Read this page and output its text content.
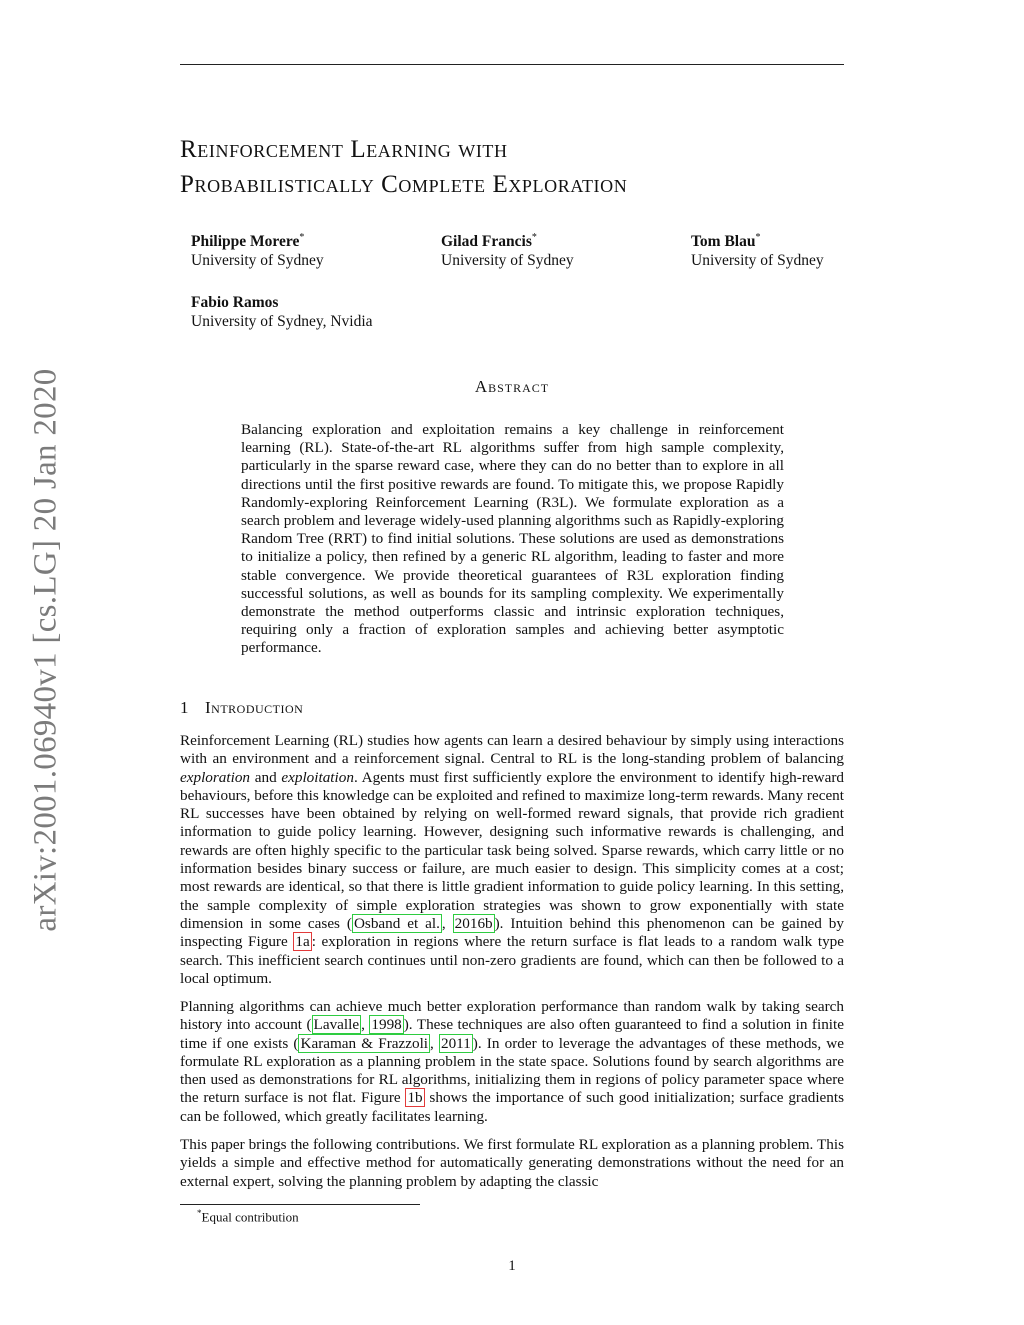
Reinforcement Learning with
Probabilistically Complete Exploration
Philippe Morere*
University of Sydney
Gilad Francis*
University of Sydney
Tom Blau*
University of Sydney
Fabio Ramos
University of Sydney, Nvidia
Abstract

Balancing exploration and exploitation remains a key challenge in reinforcement learning (RL). State-of-the-art RL algorithms suffer from high sample complexity, particularly in the sparse reward case, where they can do no better than to explore in all directions until the first positive rewards are found. To mitigate this, we propose Rapidly Randomly-exploring Reinforcement Learning (R3L). We formulate exploration as a search problem and leverage widely-used planning algorithms such as Rapidly-exploring Random Tree (RRT) to find initial solutions. These solutions are used as demonstrations to initialize a policy, then refined by a generic RL algorithm, leading to faster and more stable convergence. We provide theoretical guarantees of R3L exploration finding successful solutions, as well as bounds for its sampling complexity. We experimentally demonstrate the method outperforms classic and intrinsic exploration techniques, requiring only a fraction of exploration samples and achieving better asymptotic performance.

1 Introduction

Reinforcement Learning (RL) studies how agents can learn a desired behaviour by simply using interactions with an environment and a reinforcement signal. Central to RL is the long-standing problem of balancing exploration and exploitation. Agents must first sufficiently explore the environment to identify high-reward behaviours, before this knowledge can be exploited and refined to maximize long-term rewards. Many recent RL successes have been obtained by relying on well-formed reward signals, that provide rich gradient information to guide policy learning. However, designing such informative rewards is challenging, and rewards are often highly specific to the particular task being solved. Sparse rewards, which carry little or no information besides binary success or failure, are much easier to design. This simplicity comes at a cost; most rewards are identical, so that there is little gradient information to guide policy learning. In this setting, the sample complexity of simple exploration strategies was shown to grow exponentially with state dimension in some cases ( Osband et al. , 2016b ). Intuition behind this phenomenon can be gained by inspecting Figure 1a : exploration in regions where the return surface is flat leads to a random walk type search. This inefficient search continues until non-zero gradients are found, which can then be followed to a local optimum.

Planning algorithms can achieve much better exploration performance than random walk by taking search history into account ( Lavalle , 1998 ). These techniques are also often guaranteed to find a solution in finite time if one exists ( Karaman & Frazzoli , 2011 ). In order to leverage the advantages of these methods, we formulate RL exploration as a planning problem in the state space. Solutions found by search algorithms are then used as demonstrations for RL algorithms, initializing them in regions of policy parameter space where the return surface is not flat. Figure 1b shows the importance of such good initialization; surface gradients can be followed, which greatly facilitates learning.

This paper brings the following contributions. We first formulate RL exploration as a planning problem. This yields a simple and effective method for automatically generating demonstrations without the need for an external expert, solving the planning problem by adapting the classic

*Equal contribution
1
arXiv:2001.06940v1 [cs.LG] 20 Jan 2020
